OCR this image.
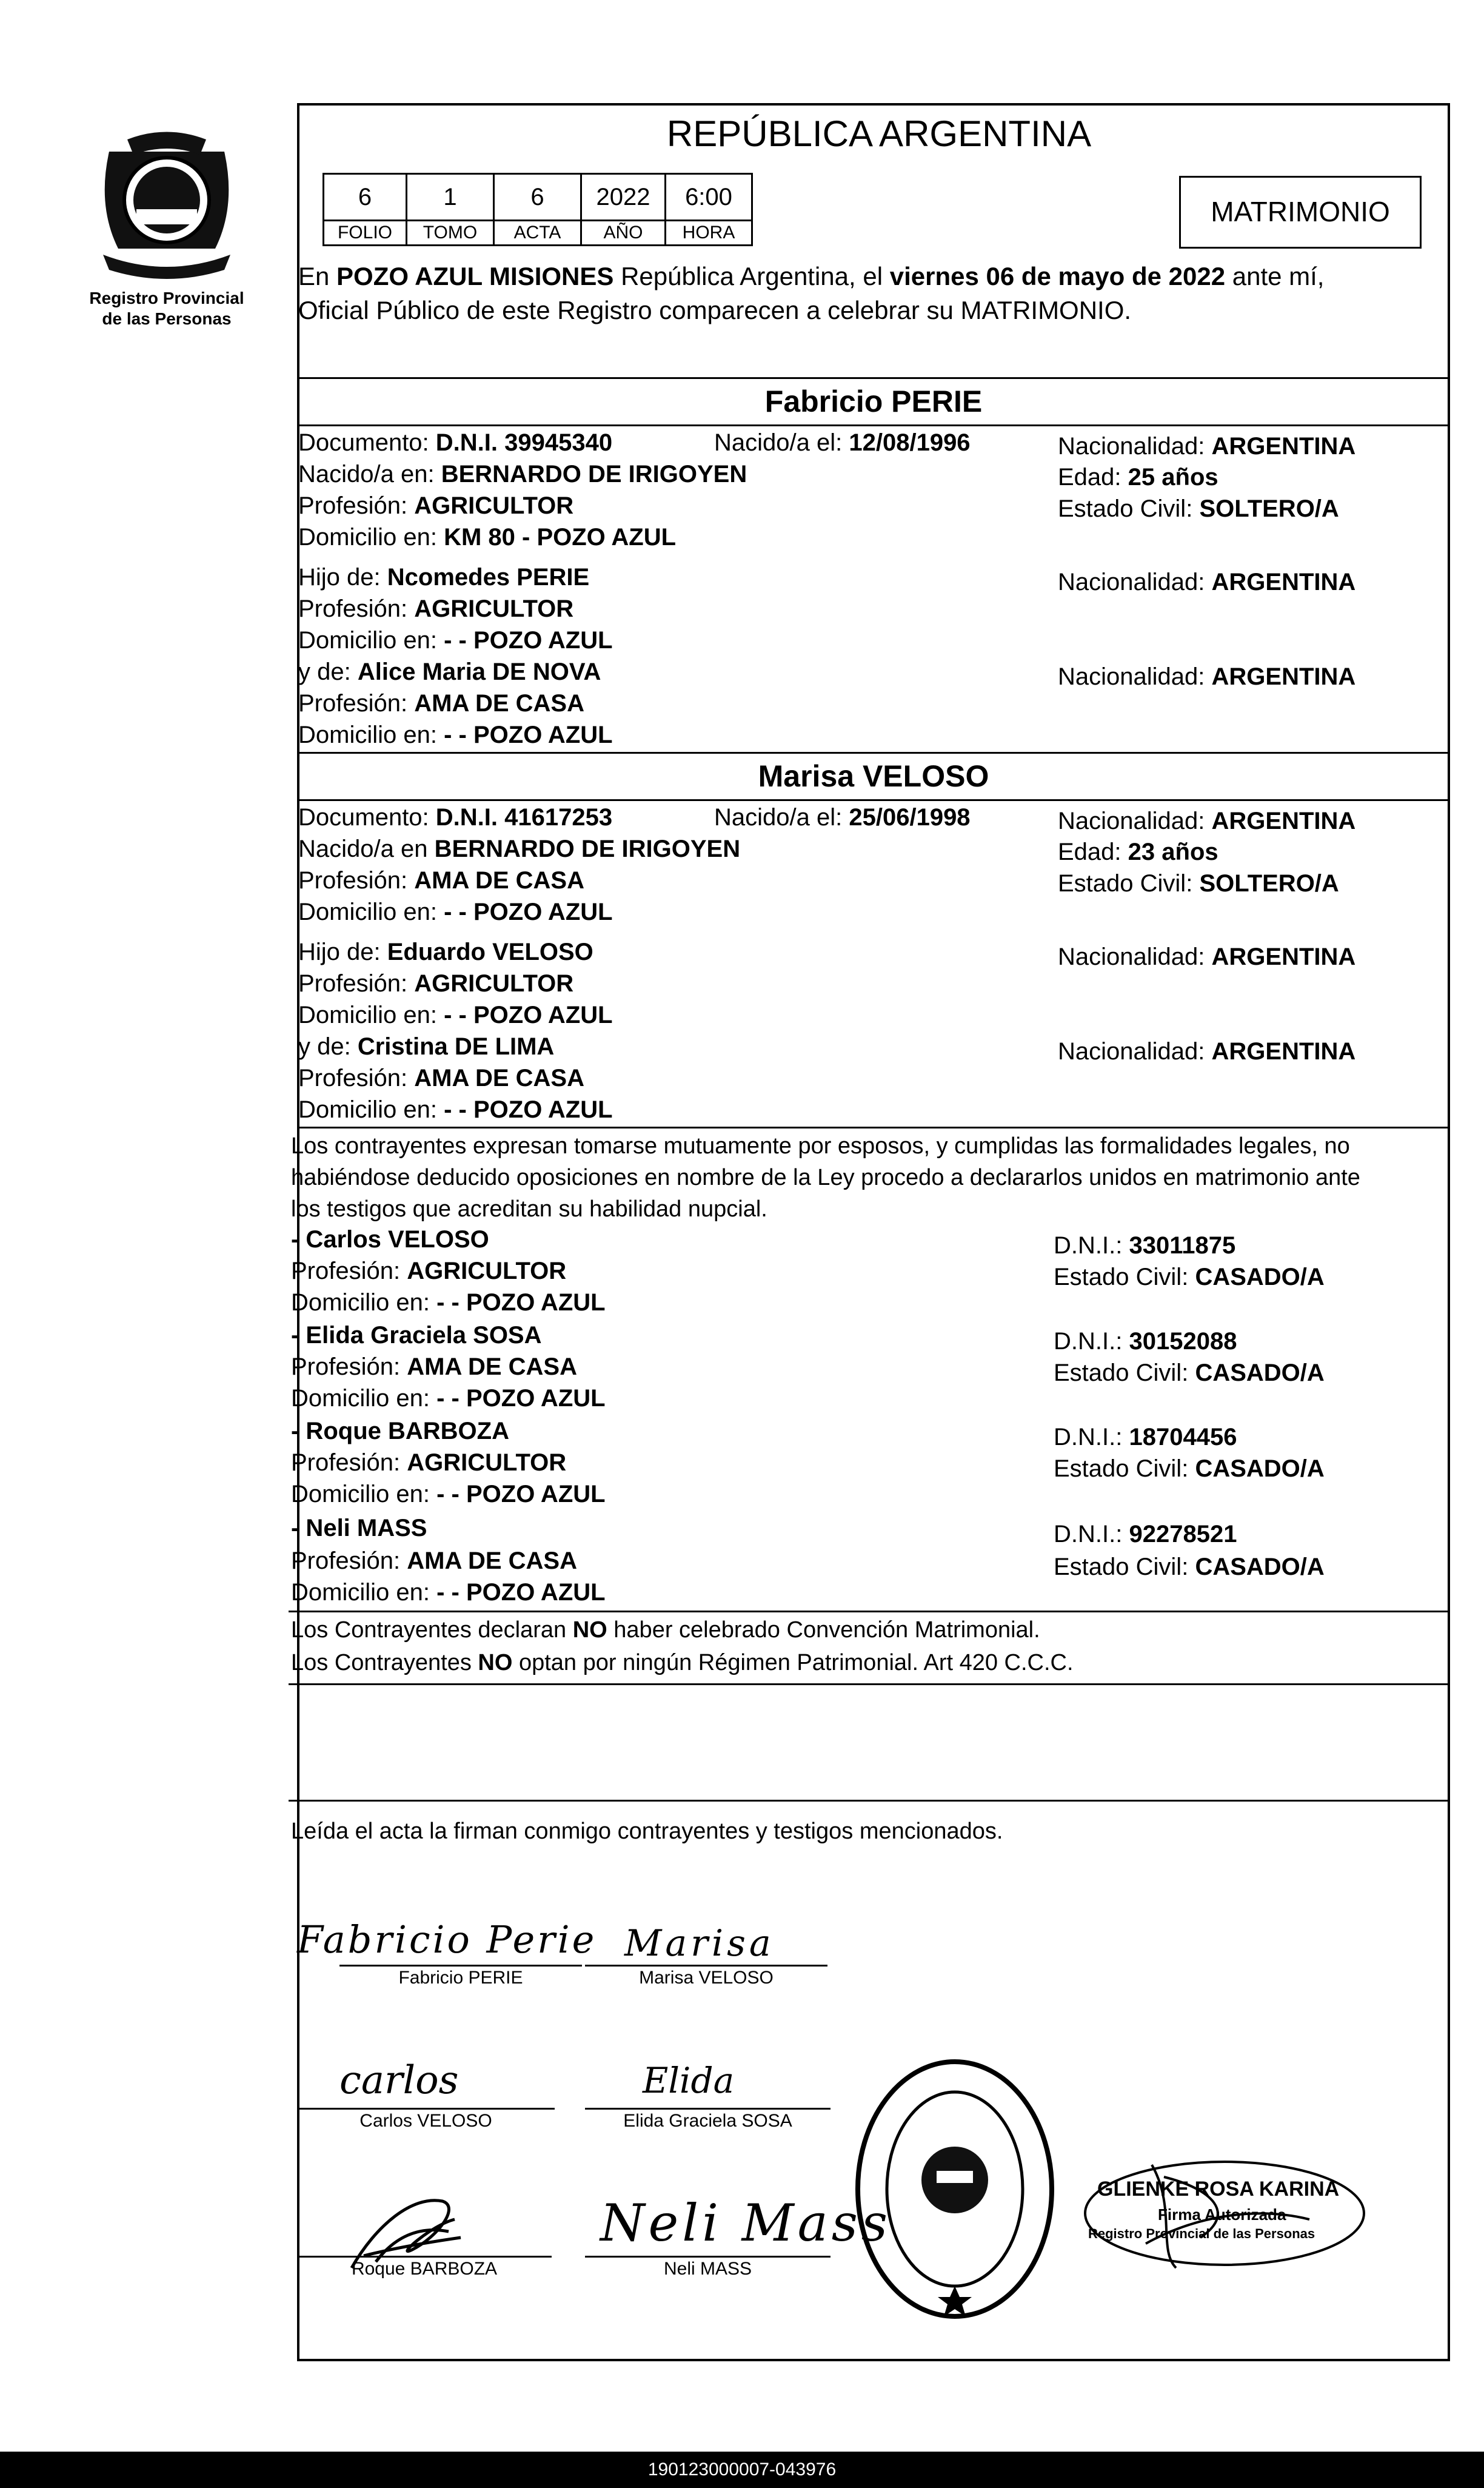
Registro Provincial
de las Personas
REPÚBLICA ARGENTINA
6	1	6	2022	6:00
FOLIO	TOMO	ACTA	AÑO	HORA
MATRIMONIO
En POZO AZUL MISIONES República Argentina, el viernes 06 de mayo de 2022 ante mí,
Oficial Público de este Registro comparecen a celebrar su MATRIMONIO.
Fabricio PERIE
Documento: D.N.I. 39945340	Nacido/a el: 12/08/1996	Nacionalidad: ARGENTINA
Nacido/a en: BERNARDO DE IRIGOYEN	Edad: 25 años
Profesión: AGRICULTOR	Estado Civil: SOLTERO/A
Domicilio en: KM 80 - POZO AZUL
Hijo de: Ncomedes PERIE	Nacionalidad: ARGENTINA
Profesión: AGRICULTOR
Domicilio en: - - POZO AZUL
y de: Alice Maria DE NOVA	Nacionalidad: ARGENTINA
Profesión: AMA DE CASA
Domicilio en: - - POZO AZUL
Marisa VELOSO
Documento: D.N.I. 41617253	Nacido/a el: 25/06/1998	Nacionalidad: ARGENTINA
Nacido/a en BERNARDO DE IRIGOYEN	Edad: 23 años
Profesión: AMA DE CASA	Estado Civil: SOLTERO/A
Domicilio en: - - POZO AZUL
Hijo de: Eduardo VELOSO	Nacionalidad: ARGENTINA
Profesión: AGRICULTOR
Domicilio en: - - POZO AZUL
y de: Cristina DE LIMA	Nacionalidad: ARGENTINA
Profesión: AMA DE CASA
Domicilio en: - - POZO AZUL
Los contrayentes expresan tomarse mutuamente por esposos, y cumplidas las formalidades legales, no
habiéndose deducido oposiciones en nombre de la Ley procedo a declararlos unidos en matrimonio ante
los testigos que acreditan su habilidad nupcial.
- Carlos VELOSO	D.N.I.: 33011875
Profesión: AGRICULTOR	Estado Civil: CASADO/A
Domicilio en: - - POZO AZUL
- Elida Graciela SOSA	D.N.I.: 30152088
Profesión: AMA DE CASA	Estado Civil: CASADO/A
Domicilio en: - - POZO AZUL
- Roque BARBOZA	D.N.I.: 18704456
Profesión: AGRICULTOR	Estado Civil: CASADO/A
Domicilio en: - - POZO AZUL
- Neli MASS	D.N.I.: 92278521
Profesión: AMA DE CASA	Estado Civil: CASADO/A
Domicilio en: - - POZO AZUL
Los Contrayentes declaran NO haber celebrado Convención Matrimonial.
Los Contrayentes NO optan por ningún Régimen Patrimonial. Art 420 C.C.C.
Leída el acta la firman conmigo contrayentes y testigos mencionados.
Fabricio Perie
Fabricio PERIE
Marisa
Marisa VELOSO
carlos
Carlos VELOSO
Elida
Elida Graciela SOSA
Roque BARBOZA
Neli Mass
Neli MASS
GLIENKE ROSA KARINA
Firma Autorizada
Registro Provincial de las Personas
190123000007-043976
